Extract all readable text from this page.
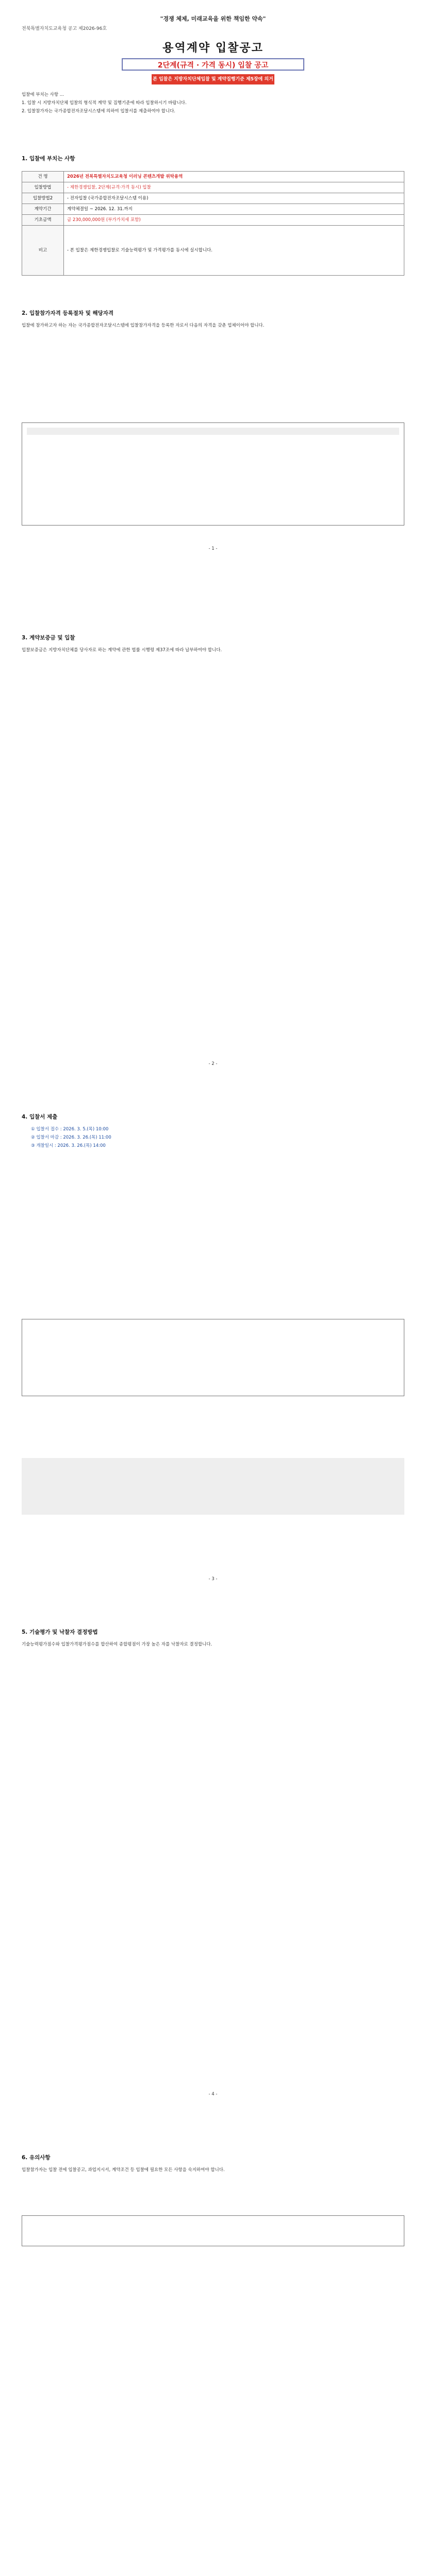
"경쟁 체제, 미래교육을 위한 책임한 약속"
전북특별자치도교육청 공고 제2026-96호
용역계약 입찰공고
2단계(규격 · 가격 동시) 입찰 공고
본 입찰은 지방자치단체입찰 및 계약집행기준 제5장에 의거 긴급공고임
입찰에 부치는 사항 ...
1. 입찰 시 지방자치단체 입찰의 형식적 계약 및 집행기준에 따라 입찰하시기 바랍니다.
2. 입찰참가자는 국가종합전자조달시스템에 의하여 입찰서를 제출하여야 합니다.
1. 입찰에 부치는 사항
건 명	2026년 전북특별자치도교육청 이러닝 콘텐츠개발 위탁용역
입찰방법	- 제한경쟁입찰, 2단계(규격·가격 동시) 입찰
입찰방법2	- 전자입찰 (국가종합전자조달시스템 이용)
계약기간	계약체결일 ~ 2026. 12. 31.까지
기초금액	금 230,000,000원 (부가가치세 포함)
비고	- 본 입찰은 제한경쟁입찰로 기술능력평가 및 가격평가를 동시에 실시합니다.
2. 입찰참가자격 등록절차 및 해당자격
입찰에 참가하고자 하는 자는 국가종합전자조달시스템에 입찰참가자격을 등록한 자로서 다음의 자격을 갖춘 업체이어야 합니다.
- 1 -
3. 계약보증금 및 입찰
입찰보증금은 지방자치단체를 당사자로 하는 계약에 관한 법률 시행령 제37조에 따라 납부하여야 합니다.
- 2 -
4. 입찰서 제출
① 입찰서 접수 : 2026. 3. 5.(목) 10:00
② 입찰서 마감 : 2026. 3. 26.(목) 11:00
③ 개찰일시 : 2026. 3. 26.(목) 14:00
- 3 -
5. 기술평가 및 낙찰자 결정방법
기술능력평가점수와 입찰가격평가점수를 합산하여 종합평점이 가장 높은 자를 낙찰자로 결정합니다.
- 4 -
6. 유의사항
입찰참가자는 입찰 전에 입찰공고, 과업지시서, 계약조건 등 입찰에 필요한 모든 사항을 숙지하여야 합니다.
